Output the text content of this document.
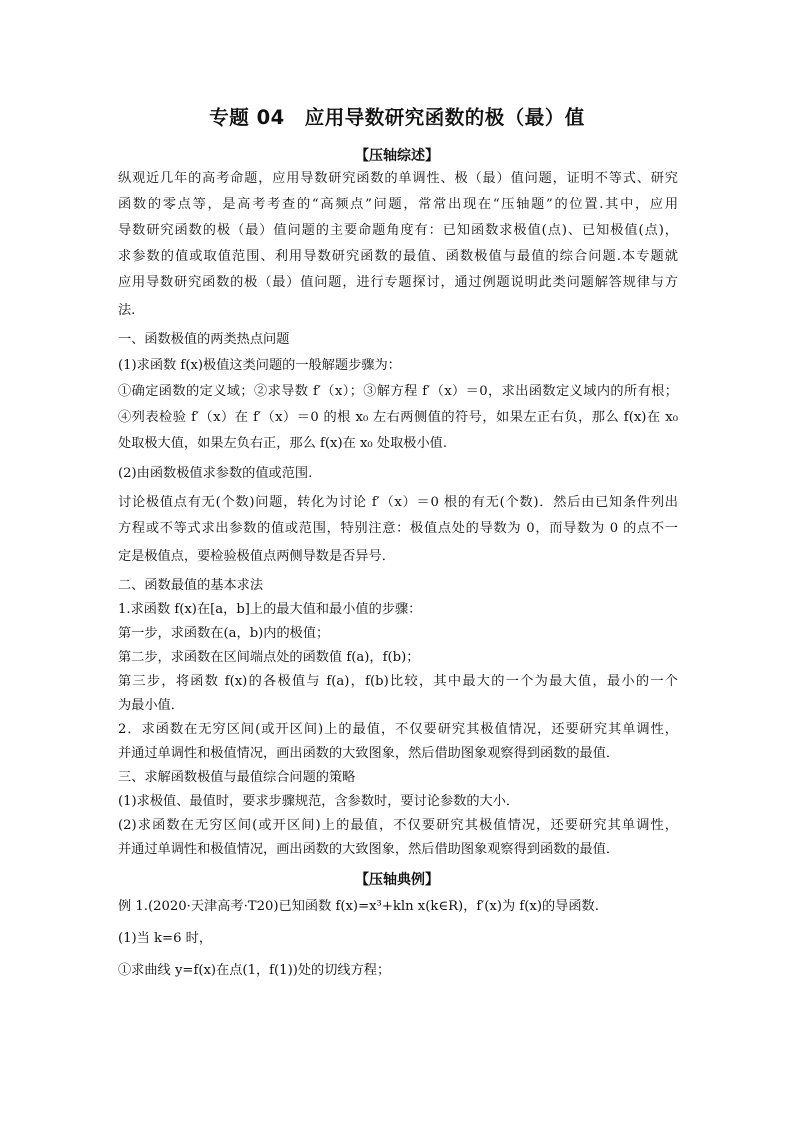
专题 04　应用导数研究函数的极（最）值
【压轴综述】
纵观近几年的高考命题，应用导数研究函数的单调性、极（最）值问题，证明不等式、研究
函数的零点等，是高考考查的“高频点”问题，常常出现在“压轴题”的位置.其中，应用
导数研究函数的极（最）值问题的主要命题角度有：已知函数求极值(点)、已知极值(点)，
求参数的值或取值范围、利用导数研究函数的最值、函数极值与最值的综合问题.本专题就
应用导数研究函数的极（最）值问题，进行专题探讨，通过例题说明此类问题解答规律与方
法.
一、函数极值的两类热点问题
(1)求函数 f(x)极值这类问题的一般解题步骤为：
①确定函数的定义域；②求导数 f′（x）；③解方程 f′（x）＝0，求出函数定义域内的所有根；
④列表检验 f′（x）在 f′（x）＝0 的根 x₀ 左右两侧值的符号，如果左正右负，那么 f(x)在 x₀
处取极大值，如果左负右正，那么 f(x)在 x₀ 处取极小值.
(2)由函数极值求参数的值或范围.
讨论极值点有无(个数)问题，转化为讨论 f′（x）＝0 根的有无(个数)．然后由已知条件列出
方程或不等式求出参数的值或范围，特别注意：极值点处的导数为 0，而导数为 0 的点不一
定是极值点，要检验极值点两侧导数是否异号．
二、函数最值的基本求法
1.求函数 f(x)在[a，b]上的最大值和最小值的步骤：
第一步，求函数在(a，b)内的极值；
第二步，求函数在区间端点处的函数值 f(a)，f(b)；
第三步，将函数 f(x)的各极值与 f(a)，f(b)比较，其中最大的一个为最大值，最小的一个
为最小值．
2．求函数在无穷区间(或开区间)上的最值，不仅要研究其极值情况，还要研究其单调性，
并通过单调性和极值情况，画出函数的大致图象，然后借助图象观察得到函数的最值．
三、求解函数极值与最值综合问题的策略
(1)求极值、最值时，要求步骤规范，含参数时，要讨论参数的大小．
(2)求函数在无穷区间(或开区间)上的最值，不仅要研究其极值情况，还要研究其单调性，
并通过单调性和极值情况，画出函数的大致图象，然后借助图象观察得到函数的最值．
【压轴典例】
例 1.(2020·天津高考·T20)已知函数 f(x)=x³+kln x(k∈R)，f′(x)为 f(x)的导函数.
(1)当 k=6 时，
①求曲线 y=f(x)在点(1，f(1))处的切线方程；
